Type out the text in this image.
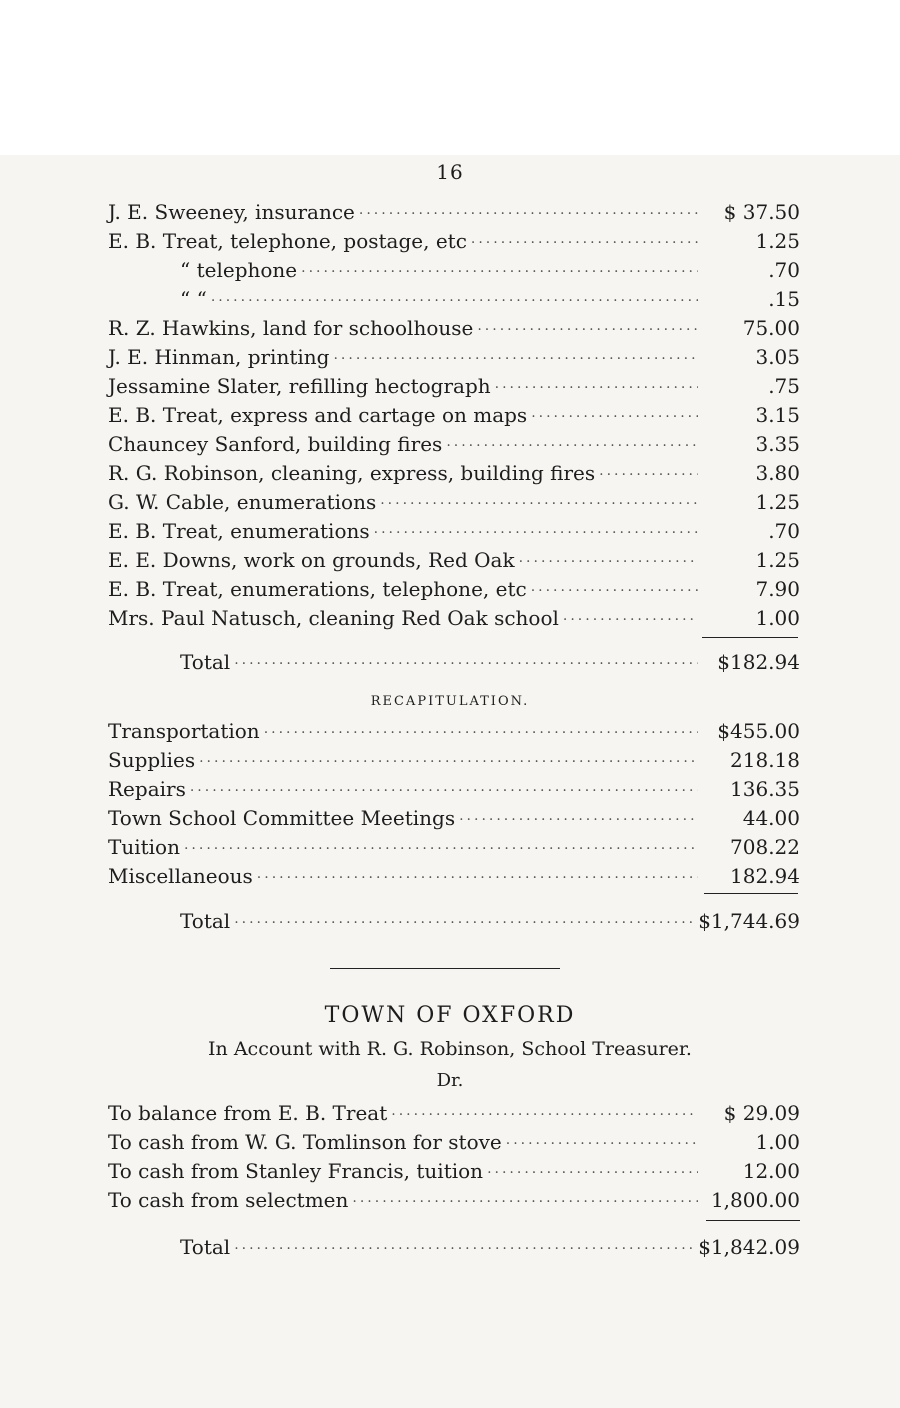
16
J. E. Sweeney, insurance .....	$ 37.50
E. B. Treat, telephone, postage, etc .....	1.25
“ telephone .....	.70
“ “ .....	.15
R. Z. Hawkins, land for schoolhouse .....	75.00
J. E. Hinman, printing .....	3.05
Jessamine Slater, refilling hectograph .....	.75
E. B. Treat, express and cartage on maps .....	3.15
Chauncey Sanford, building fires .....	3.35
R. G. Robinson, cleaning, express, building fires .....	3.80
G. W. Cable, enumerations .....	1.25
E. B. Treat, enumerations .....	.70
E. E. Downs, work on grounds, Red Oak .....	1.25
E. B. Treat, enumerations, telephone, etc .....	7.90
Mrs. Paul Natusch, cleaning Red Oak school .....	1.00
Total .....	$182.94
RECAPITULATION.
Transportation .....	$455.00
Supplies .....	218.18
Repairs .....	136.35
Town School Committee Meetings .....	44.00
Tuition .....	708.22
Miscellaneous .....	182.94
Total .....	$1,744.69
TOWN OF OXFORD
In Account with R. G. Robinson, School Treasurer.
Dr.
To balance from E. B. Treat .....	$ 29.09
To cash from W. G. Tomlinson for stove .....	1.00
To cash from Stanley Francis, tuition .....	12.00
To cash from selectmen .....	1,800.00
Total .....	$1,842.09
